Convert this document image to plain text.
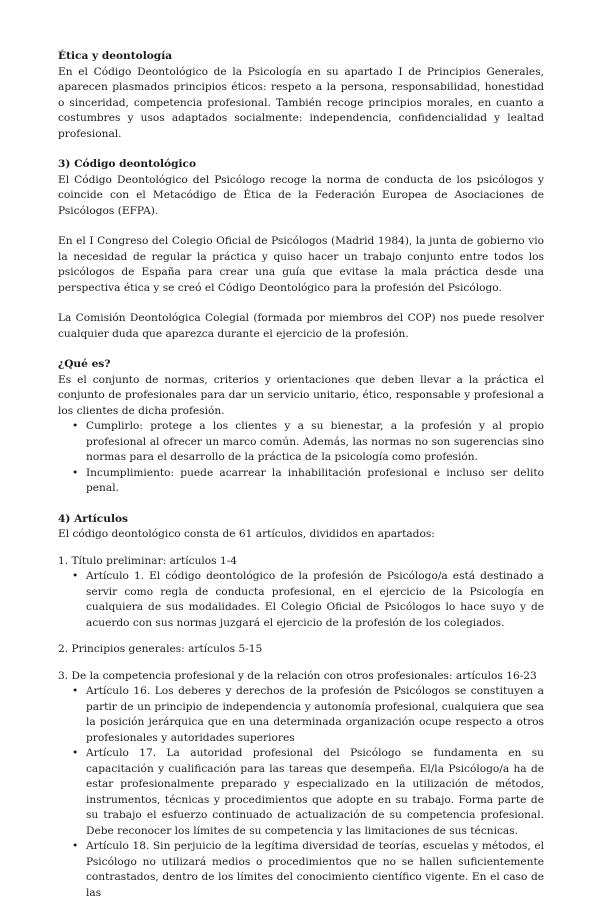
Ética y deontología

En el Código Deontológico de la Psicología en su apartado I de Principios Generales, aparecen plasmados principios éticos: respeto a la persona, responsabilidad, honestidad o sinceridad, competencia profesional. También recoge principios morales, en cuanto a costumbres y usos adaptados socialmente: independencia, confidencialidad y lealtad profesional.

3) Código deontológico

El Código Deontológico del Psicólogo recoge la norma de conducta de los psicólogos y coincide con el Metacódigo de Ética de la Federación Europea de Asociaciones de Psicólogos (EFPA).

En el I Congreso del Colegio Oficial de Psicólogos (Madrid 1984), la junta de gobierno vio la necesidad de regular la práctica y quiso hacer un trabajo conjunto entre todos los psicólogos de España para crear una guía que evitase la mala práctica desde una perspectiva ética y se creó el Código Deontológico para la profesión del Psicólogo.

La Comisión Deontológica Colegial (formada por miembros del COP) nos puede resolver cualquier duda que aparezca durante el ejercicio de la profesión.

¿Qué es?

Es el conjunto de normas, criterios y orientaciones que deben llevar a la práctica el conjunto de profesionales para dar un servicio unitario, ético, responsable y profesional a los clientes de dicha profesión.

• Cumplirlo: protege a los clientes y a su bienestar, a la profesión y al propio profesional al ofrecer un marco común. Además, las normas no son sugerencias sino normas para el desarrollo de la práctica de la psicología como profesión.
• Incumplimiento: puede acarrear la inhabilitación profesional e incluso ser delito penal.
4) Artículos

El código deontológico consta de 61 artículos, divididos en apartados:

1. Título preliminar: artículos 1-4

• Artículo 1. El código deontológico de la profesión de Psicólogo/a está destinado a servir como regla de conducta profesional, en el ejercicio de la Psicología en cualquiera de sus modalidades. El Colegio Oficial de Psicólogos lo hace suyo y de acuerdo con sus normas juzgará el ejercicio de la profesión de los colegiados.

2. Principios generales: artículos 5-15

3. De la competencia profesional y de la relación con otros profesionales: artículos 16-23

• Artículo 16. Los deberes y derechos de la profesión de Psicólogos se constituyen a partir de un principio de independencia y autonomía profesional, cualquiera que sea la posición jerárquica que en una determinada organización ocupe respecto a otros profesionales y autoridades superiores
• Artículo 17. La autoridad profesional del Psicólogo se fundamenta en su capacitación y cualificación para las tareas que desempeña. El/la Psicólogo/a ha de estar profesionalmente preparado y especializado en la utilización de métodos, instrumentos, técnicas y procedimientos que adopte en su trabajo. Forma parte de su trabajo el esfuerzo continuado de actualización de su competencia profesional. Debe reconocer los límites de su competencia y las limitaciones de sus técnicas.
• Artículo 18. Sin perjuicio de la legítima diversidad de teorías, escuelas y métodos, el Psicólogo no utilizará medios o procedimientos que no se hallen suficientemente contrastados, dentro de los límites del conocimiento científico vigente. En el caso de las
